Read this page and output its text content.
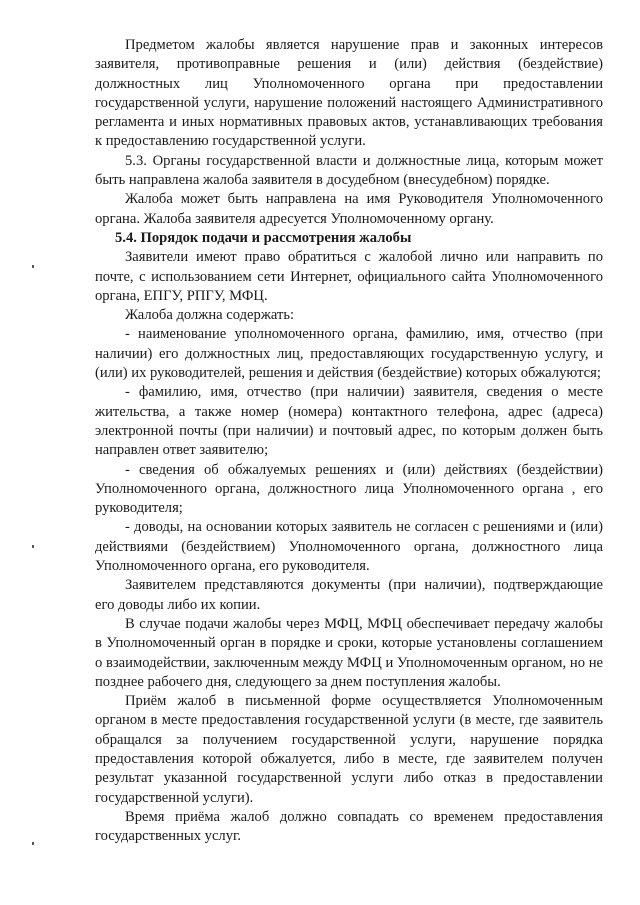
Предметом жалобы является нарушение прав и законных интересов заявителя, противоправные решения и (или) действия (бездействие) должностных лиц Уполномоченного органа при предоставлении государственной услуги, нарушение положений настоящего Административного регламента и иных нормативных правовых актов, устанавливающих требования к предоставлению государственной услуги.

5.3. Органы государственной власти и должностные лица, которым может быть направлена жалоба заявителя в досудебном (внесудебном) порядке.

Жалоба может быть направлена на имя Руководителя Уполномоченного органа. Жалоба заявителя адресуется Уполномоченному органу.

5.4. Порядок подачи и рассмотрения жалобы

Заявители имеют право обратиться с жалобой лично или направить по почте, с использованием сети Интернет, официального сайта Уполномоченного органа, ЕПГУ, РПГУ, МФЦ.

Жалоба должна содержать:

- наименование уполномоченного органа, фамилию, имя, отчество (при наличии) его должностных лиц, предоставляющих государственную услугу, и (или) их руководителей, решения и действия (бездействие) которых обжалуются;

- фамилию, имя, отчество (при наличии) заявителя, сведения о месте жительства, а также номер (номера) контактного телефона, адрес (адреса) электронной почты (при наличии) и почтовый адрес, по которым должен быть направлен ответ заявителю;

- сведения об обжалуемых решениях и (или) действиях (бездействии) Уполномоченного органа, должностного лица Уполномоченного органа , его руководителя;

- доводы, на основании которых заявитель не согласен с решениями и (или) действиями (бездействием) Уполномоченного органа, должностного лица Уполномоченного органа, его руководителя.

Заявителем представляются документы (при наличии), подтверждающие его доводы либо их копии.

В случае подачи жалобы через МФЦ, МФЦ обеспечивает передачу жалобы в Уполномоченный орган в порядке и сроки, которые установлены соглашением о взаимодействии, заключенным между МФЦ и Уполномоченным органом, но не позднее рабочего дня, следующего за днем поступления жалобы.

Приём жалоб в письменной форме осуществляется Уполномоченным органом в месте предоставления государственной услуги (в месте, где заявитель обращался за получением государственной услуги, нарушение порядка предоставления которой обжалуется, либо в месте, где заявителем получен результат указанной государственной услуги либо отказ в предоставлении государственной услуги).

Время приёма жалоб должно совпадать со временем предоставления государственных услуг.
